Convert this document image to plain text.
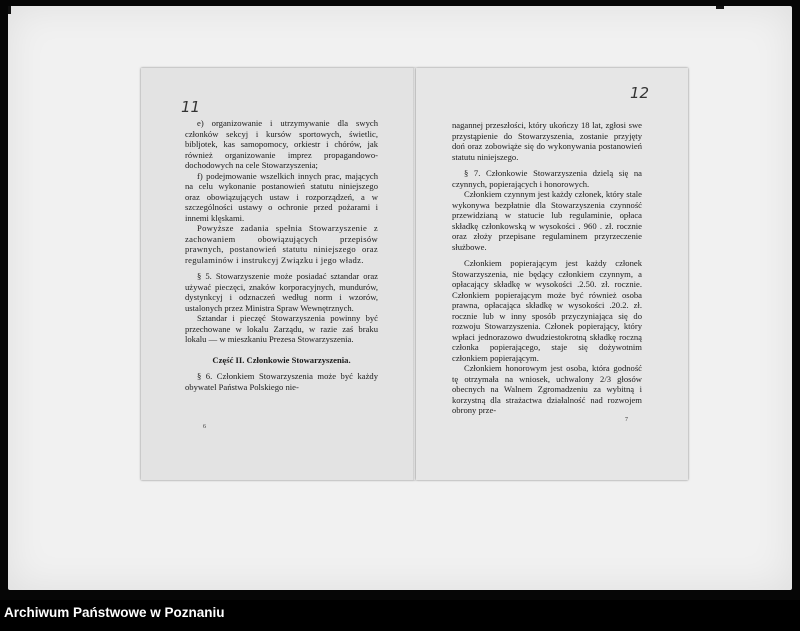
11

e) organizowanie i utrzymywanie dla swych członków sekcyj i kursów sportowych, świetlic, bibljotek, kas samopomocy, orkiestr i chórów, jak również organizowanie imprez propagandowo-dochodowych na cele Stowarzyszenia;

f) podejmowanie wszelkich innych prac, mających na celu wykonanie postanowień statutu niniejszego oraz obowiązujących ustaw i rozporządzeń, a w szczególności ustawy o ochronie przed pożarami i innemi klęskami.

Powyższe zadania spełnia Stowarzyszenie z zachowaniem obowiązujących przepisów prawnych, postanowień statutu niniejszego oraz regulaminów i instrukcyj Związku i jego władz.

§ 5. Stowarzyszenie może posiadać sztandar oraz używać pieczęci, znaków korporacyjnych, mundurów, dystynkcyj i odznaczeń według norm i wzorów, ustalonych przez Ministra Spraw Wewnętrznych.

Sztandar i pieczęć Stowarzyszenia powinny być przechowane w lokalu Zarządu, w razie zaś braku lokalu — w mieszkaniu Prezesa Stowarzyszenia.

Część II. Członkowie Stowarzyszenia.

§ 6. Członkiem Stowarzyszenia może być każdy obywatel Państwa Polskiego nie-

6
12

nagannej przeszłości, który ukończy 18 lat, zgłosi swe przystąpienie do Stowarzyszenia, zostanie przyjęty doń oraz zobowiąże się do wykonywania postanowień statutu niniejszego.

§ 7. Członkowie Stowarzyszenia dzielą się na czynnych, popierających i honorowych.

Członkiem czynnym jest każdy członek, który stale wykonywa bezpłatnie dla Stowarzyszenia czynność przewidzianą w statucie lub regulaminie, opłaca składkę członkowską w wysokości . 960 . zł. rocznie oraz złoży przepisane regulaminem przyrzeczenie służbowe.

Członkiem popierającym jest każdy członek Stowarzyszenia, nie będący członkiem czynnym, a opłacający składkę w wysokości .2.50. zł. rocznie. Członkiem popierającym może być również osoba prawna, opłacająca składkę w wysokości .20.2. zł. rocznie lub w inny sposób przyczyniająca się do rozwoju Stowarzyszenia. Członek popierający, który wpłaci jednorazowo dwudziestokrotną składkę roczną członka popierającego, staje się dożywotnim członkiem popierającym.

Członkiem honorowym jest osoba, która godność tę otrzymała na wniosek, uchwalony 2/3 głosów obecnych na Walnem Zgromadzeniu za wybitną i korzystną dla strażactwa działalność nad rozwojem obrony prze-

7
Archiwum Państwowe w Poznaniu
